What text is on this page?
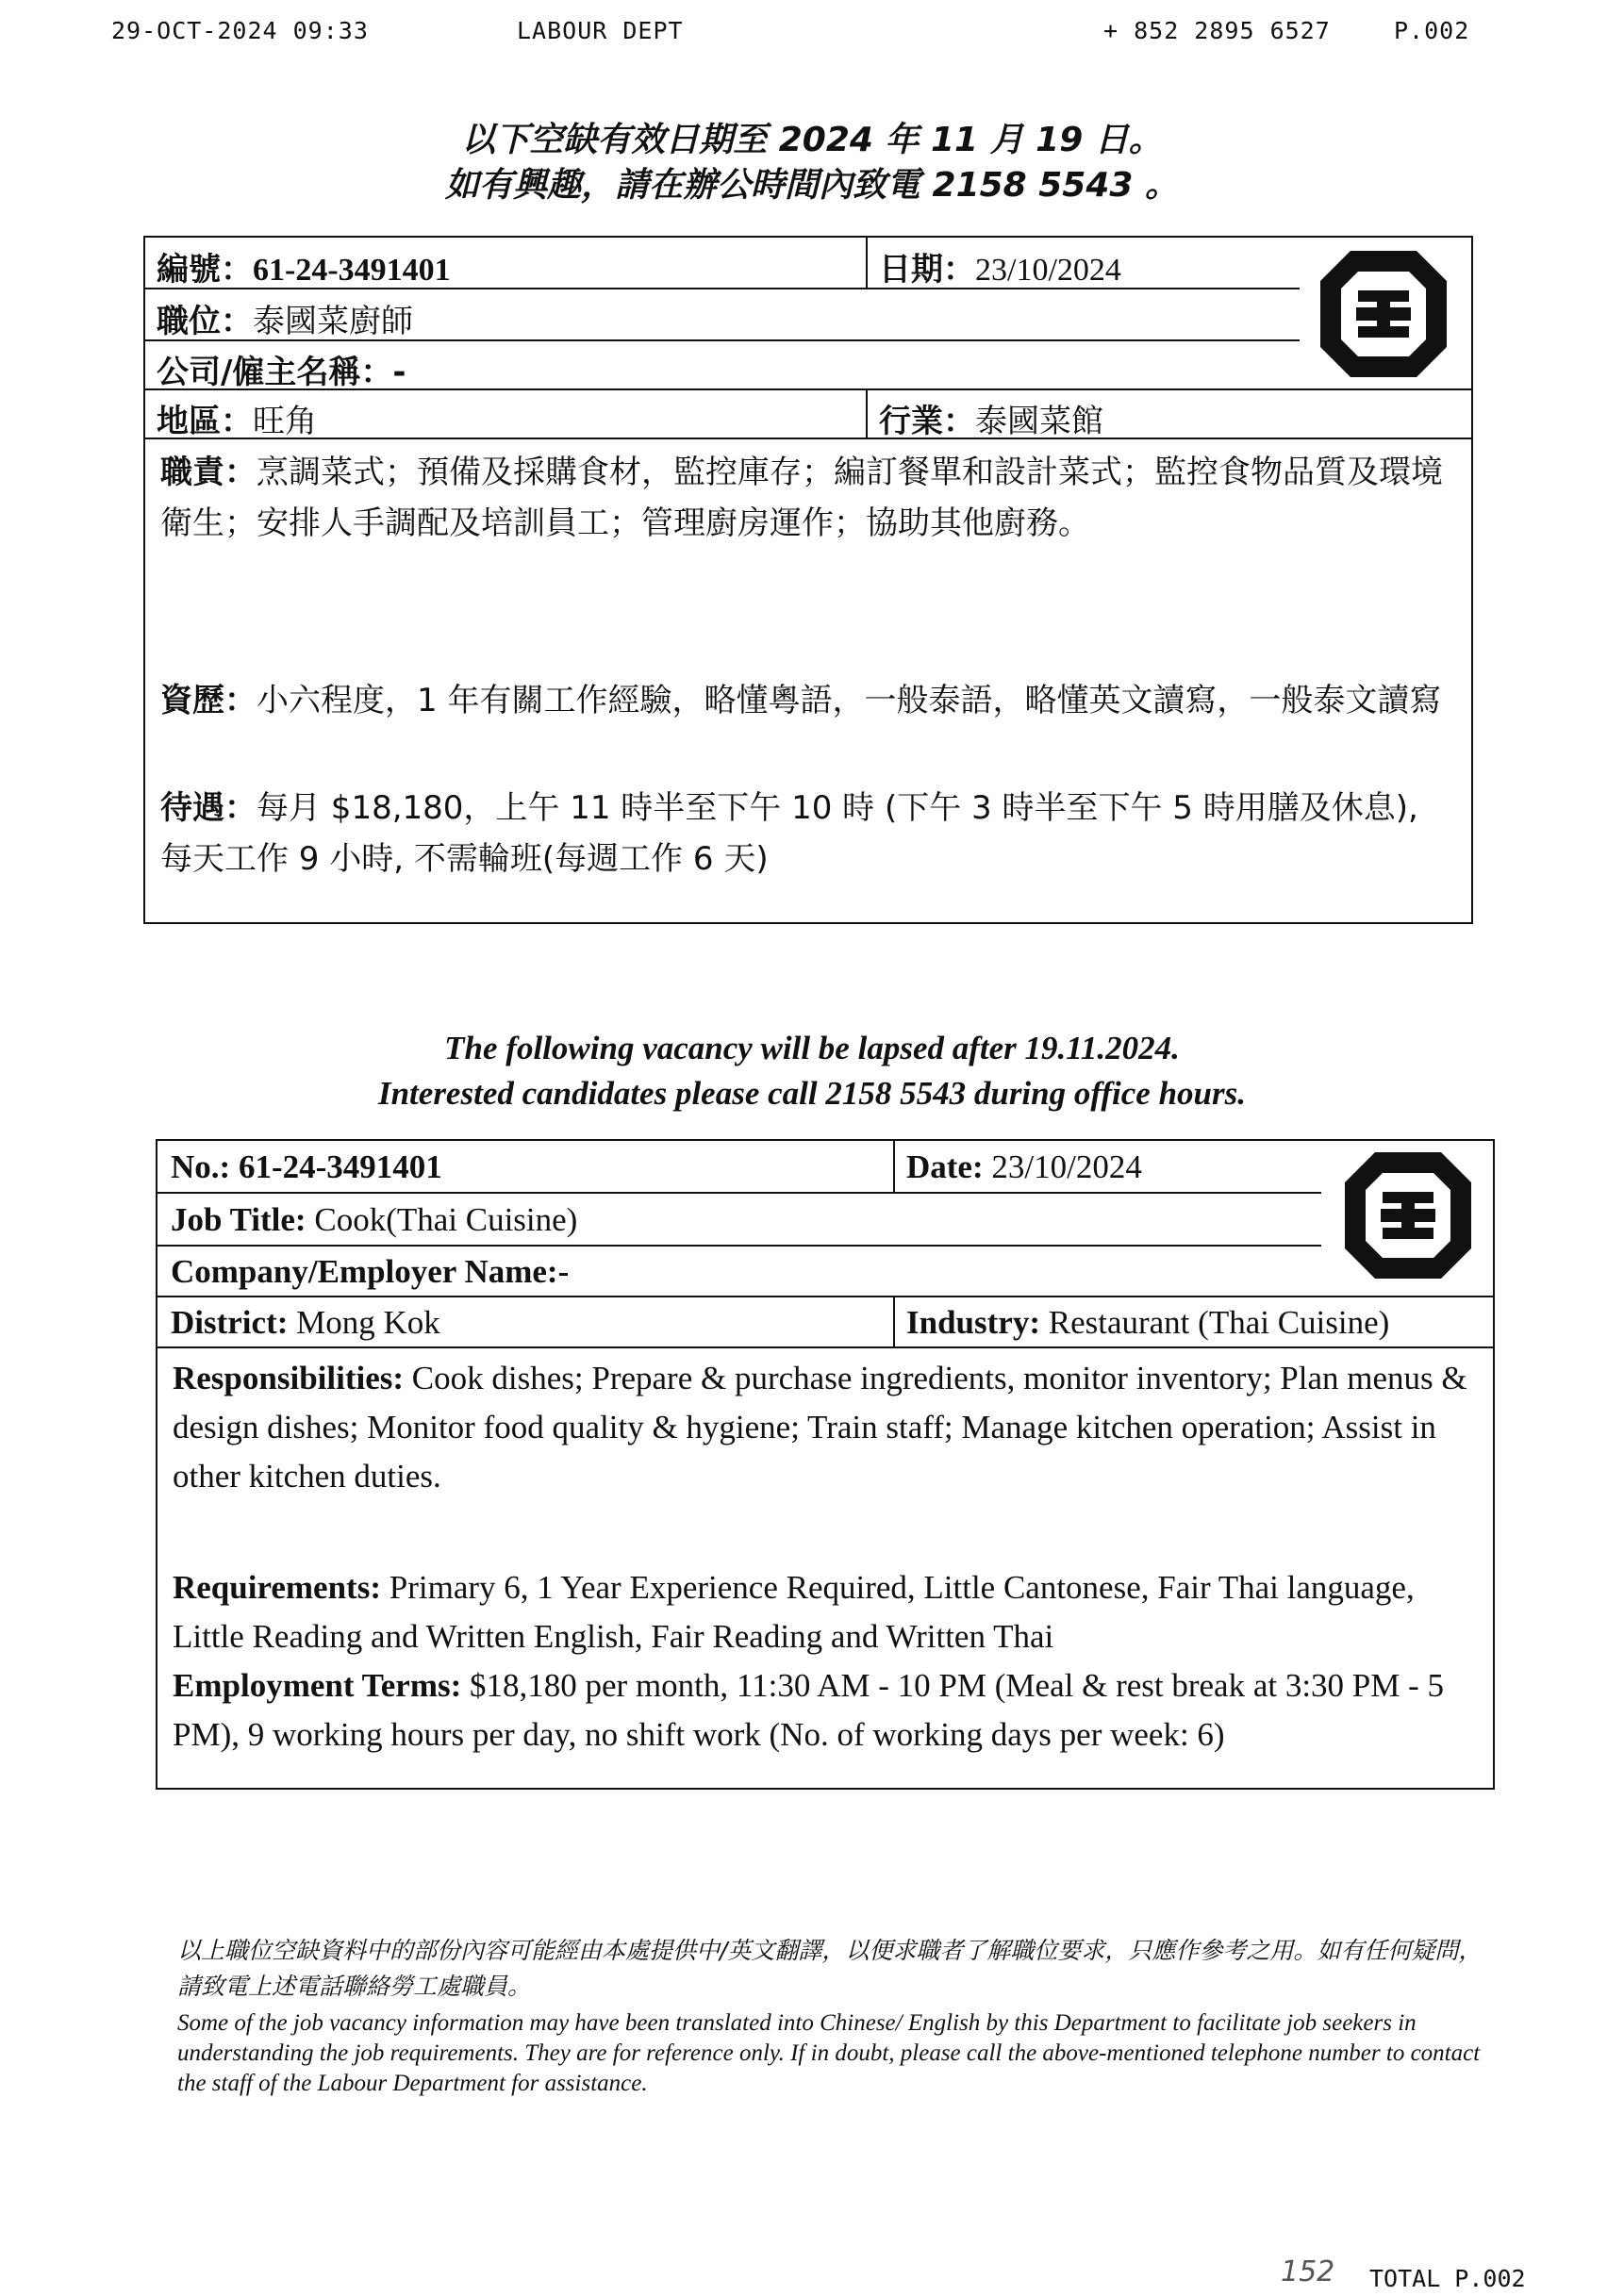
29-OCT-2024 09:33	LABOUR DEPT	+ 852 2895 6527	P.002
以下空缺有效日期至 2024 年 11 月 19 日。
如有興趣，請在辦公時間內致電 2158 5543 。
編號：61-24-3491401	日期：23/10/2024
職位：泰國菜廚師
公司/僱主名稱：-
地區：旺角	行業：泰國菜館
職責：烹調菜式；預備及採購食材，監控庫存；編訂餐單和設計菜式；監控食物品質及環境衛生；安排人手調配及培訓員工；管理廚房運作；協助其他廚務。
資歷：小六程度，1 年有關工作經驗，略懂粵語，一般泰語，略懂英文讀寫，一般泰文讀寫
待遇：每月 $18,180，上午 11 時半至下午 10 時 (下午 3 時半至下午 5 時用膳及休息), 每天工作 9 小時, 不需輪班(每週工作 6 天)
The following vacancy will be lapsed after 19.11.2024.
Interested candidates please call 2158 5543 during office hours.
No.: 61-24-3491401	Date: 23/10/2024
Job Title: Cook(Thai Cuisine)
Company/Employer Name:-
District: Mong Kok	Industry: Restaurant (Thai Cuisine)
Responsibilities: Cook dishes; Prepare & purchase ingredients, monitor inventory; Plan menus & design dishes; Monitor food quality & hygiene; Train staff; Manage kitchen operation; Assist in other kitchen duties.
Requirements: Primary 6, 1 Year Experience Required, Little Cantonese, Fair Thai language, Little Reading and Written English, Fair Reading and Written Thai
Employment Terms: $18,180 per month, 11:30 AM - 10 PM (Meal & rest break at 3:30 PM - 5 PM), 9 working hours per day, no shift work (No. of working days per week: 6)
以上職位空缺資料中的部份內容可能經由本處提供中/英文翻譯，以便求職者了解職位要求，只應作參考之用。如有任何疑問，請致電上述電話聯絡勞工處職員。
Some of the job vacancy information may have been translated into Chinese/ English by this Department to facilitate job seekers in understanding the job requirements. They are for reference only. If in doubt, please call the above-mentioned telephone number to contact the staff of the Labour Department for assistance.
152 TOTAL P.002
